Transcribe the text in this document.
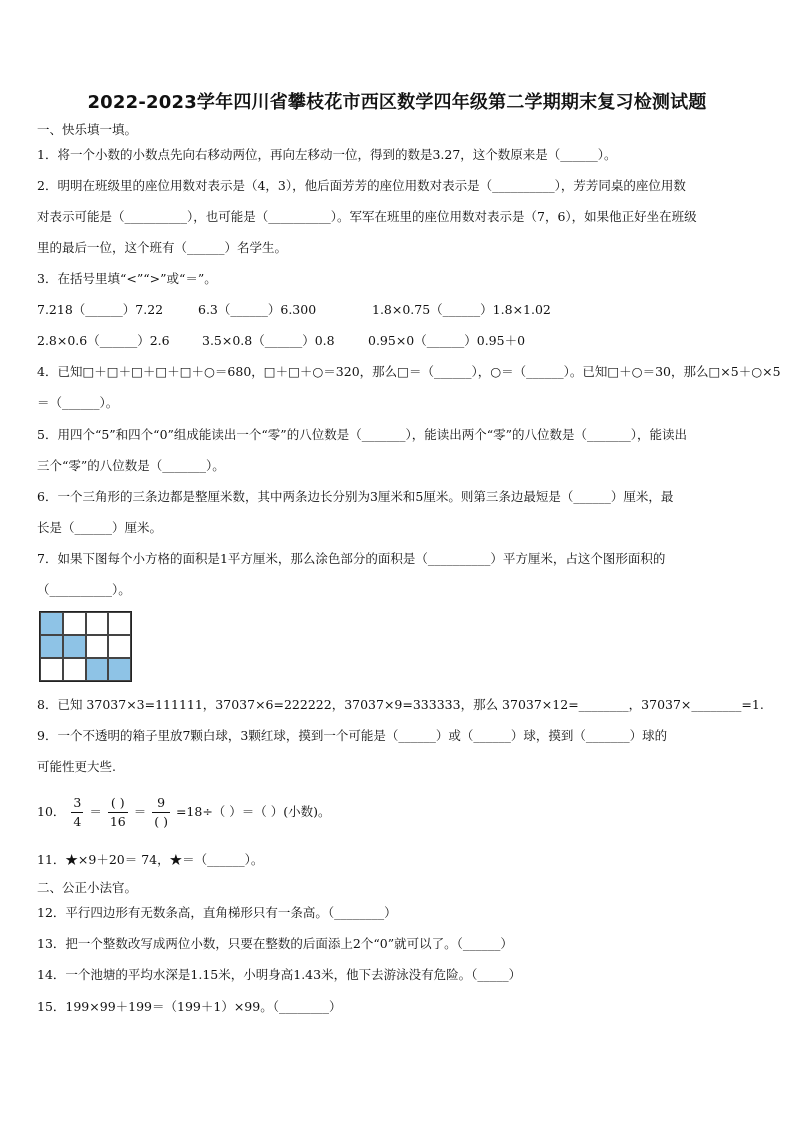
2022-2023学年四川省攀枝花市西区数学四年级第二学期期末复习检测试题
一、快乐填一填。
1．将一个小数的小数点先向右移动两位，再向左移动一位，得到的数是3.27，这个数原来是（______）。
2．明明在班级里的座位用数对表示是（4，3），他后面芳芳的座位用数对表示是（__________），芳芳同桌的座位用数
对表示可能是（__________），也可能是（__________）。军军在班里的座位用数对表示是（7，6），如果他正好坐在班级
里的最后一位，这个班有（______）名学生。
3．在括号里填“<”“>”或“＝”。
7.218（______）7.22	6.3（______）6.300	1.8×0.75（______）1.8×1.02
2.8×0.6（______）2.6	3.5×0.8（______）0.8	0.95×0（______）0.95＋0
4．已知□＋□＋□＋□＋□＋○＝680，□＋□＋○＝320，那么□＝（______），○＝（______）。已知□＋○＝30，那么□×5＋○×5
＝（______）。
5．用四个“5”和四个“0”组成能读出一个“零”的八位数是（_______），能读出两个“零”的八位数是（_______），能读出
三个“零”的八位数是（_______）。
6．一个三角形的三条边都是整厘米数，其中两条边长分别为3厘米和5厘米。则第三条边最短是（______）厘米，最
长是（______）厘米。
7．如果下图每个小方格的面积是1平方厘米，那么涂色部分的面积是（__________）平方厘米，占这个图形面积的
（__________）。
8．已知 37037×3=111111，37037×6=222222，37037×9=333333，那么 37037×12=________，37037×________=1.
9．一个不透明的箱子里放7颗白球，3颗红球，摸到一个可能是（______）或（______）球，摸到（_______）球的
可能性更大些.
10． $\frac{3}{4} = \frac{( )}{16} = \frac{9}{( )} =18\div$（ ）＝（ ）(小数)。
11．★×9＋20＝ 74，★＝（______）。
二、公正小法官。
12．平行四边形有无数条高，直角梯形只有一条高。（________）
13．把一个整数改写成两位小数，只要在整数的后面添上2个“0”就可以了。（______）
14．一个池塘的平均水深是1.15米，小明身高1.43米，他下去游泳没有危险。（_____）
15．199×99＋199＝（199＋1）×99。（________）
